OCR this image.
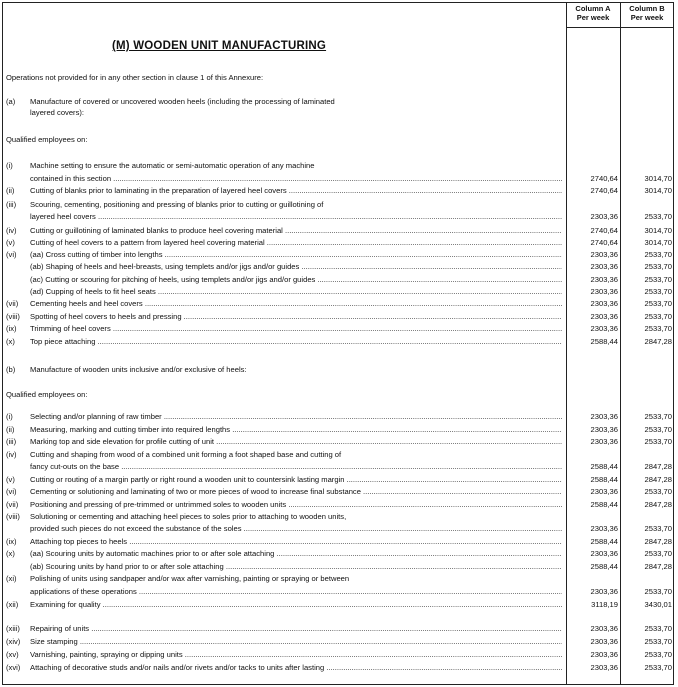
Column A
Per week
Column B
Per week
(M) WOODEN UNIT MANUFACTURING
Operations not provided for in any other section in clause 1 of this Annexure:
(a) Manufacture of covered or uncovered wooden heels (including the processing of laminated
layered covers):
Qualified employees on:
(i) Machine setting to ensure the automatic or semi-automatic operation of any machine
contained in this section .....	2740,64	3014,70
(ii) Cutting of blanks prior to laminating in the preparation of layered heel covers .....	2740,64	3014,70
(iii) Scouring, cementing, positioning and pressing of blanks prior to cutting or guillotining of
layered heel covers .....	2303,36	2533,70
(iv) Cutting or guillotining of laminated blanks to produce heel covering material .....	2740,64	3014,70
(v) Cutting of heel covers to a pattern from layered heel covering material .....	2740,64	3014,70
(vi) (aa) Cross cutting of timber into lengths .....	2303,36	2533,70
(ab) Shaping of heels and heel-breasts, using templets and/or jigs and/or guides .....	2303,36	2533,70
(ac) Cutting or scouring for pitching of heels, using templets and/or jigs and/or guides .....	2303,36	2533,70
(ad) Cupping of heels to fit heel seats .....	2303,36	2533,70
(vii) Cementing heels and heel covers .....	2303,36	2533,70
(viii) Spotting of heel covers to heels and pressing .....	2303,36	2533,70
(ix) Trimming of heel covers .....	2303,36	2533,70
(x) Top piece attaching .....	2588,44	2847,28
(b) Manufacture of wooden units inclusive and/or exclusive of heels:
Qualified employees on:
(i) Selecting and/or planning of raw timber .....	2303,36	2533,70
(ii) Measuring, marking and cutting timber into required lengths .....	2303,36	2533,70
(iii) Marking top and side elevation for profile cutting of unit .....	2303,36	2533,70
(iv) Cutting and shaping from wood of a combined unit forming a foot shaped base and cutting of
fancy cut-outs on the base .....	2588,44	2847,28
(v) Cutting or routing of a margin partly or right round a wooden unit to countersink lasting margin .....	2588,44	2847,28
(vi) Cementing or solutioning and laminating of two or more pieces of wood to increase final substance .....	2303,36	2533,70
(vii) Positioning and pressing of pre-trimmed or untrimmed soles to wooden units .....	2588,44	2847,28
(viii) Solutioning or cementing and attaching heel pieces to soles prior to attaching to wooden units,
provided such pieces do not exceed the substance of the soles .....	2303,36	2533,70
(ix) Attaching top pieces to heels .....	2588,44	2847,28
(x) (aa) Scouring units by automatic machines prior to or after sole attaching .....	2303,36	2533,70
(ab) Scouring units by hand prior to or after sole attaching .....	2588,44	2847,28
(xi) Polishing of units using sandpaper and/or wax after varnishing, painting or spraying or between
applications of these operations .....	2303,36	2533,70
(xii) Examining for quality .....	3118,19	3430,01
(xiii) Repairing of units .....	2303,36	2533,70
(xiv) Size stamping .....	2303,36	2533,70
(xv) Varnishing, painting, spraying or dipping units .....	2303,36	2533,70
(xvi) Attaching of decorative studs and/or nails and/or rivets and/or tacks to units after lasting .....	2303,36	2533,70
